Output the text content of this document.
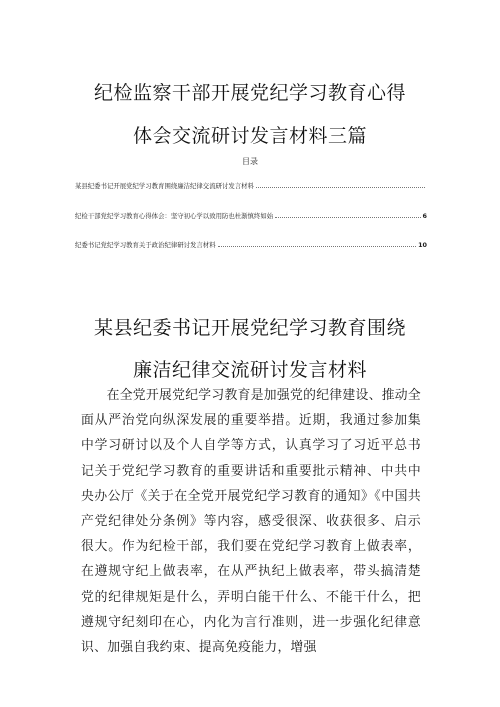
纪检监察干部开展党纪学习教育心得
体会交流研讨发言材料三篇
目录
某县纪委书记开展党纪学习教育围绕廉洁纪律交流研讨发言材料
纪检干部党纪学习教育心得体会：坚守初心学以致用防也杜渐慎终如始	6
纪委书记党纪学习教育关于政治纪律研讨发言材料	10
某县纪委书记开展党纪学习教育围绕
廉洁纪律交流研讨发言材料

在全党开展党纪学习教育是加强党的纪律建设、推动全面从严治党向纵深发展的重要举措。近期，我通过参加集中学习研讨以及个人自学等方式，认真学习了习近平总书记关于党纪学习教育的重要讲话和重要批示精神、中共中央办公厅《关于在全党开展党纪学习教育的通知》《中国共产党纪律处分条例》等内容，感受很深、收获很多、启示很大。作为纪检干部，我们要在党纪学习教育上做表率，在遵规守纪上做表率，在从严执纪上做表率，带头搞清楚党的纪律规矩是什么，弄明白能干什么、不能干什么，把遵规守纪刻印在心，内化为言行准则，进一步强化纪律意识、加强自我约束、提高免疫能力，增强
